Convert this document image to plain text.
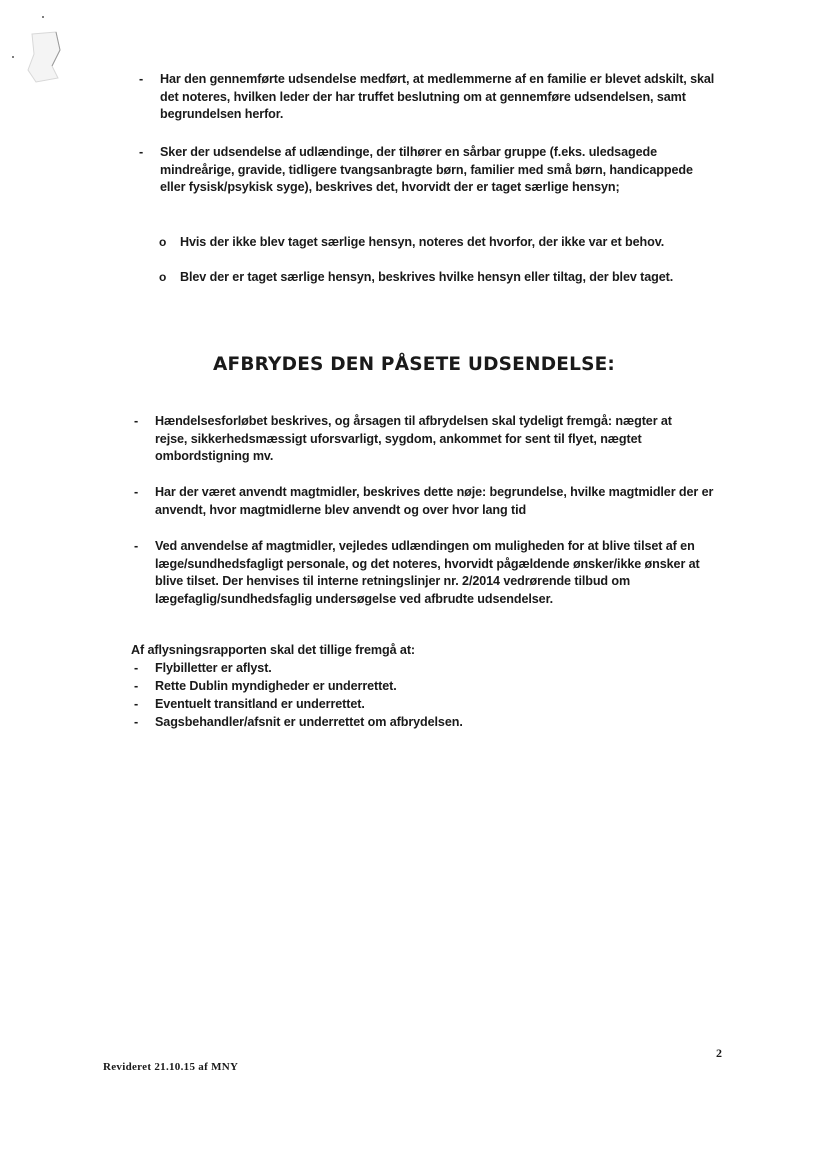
- Har den gennemførte udsendelse medført, at medlemmerne af en familie er blevet adskilt, skal det noteres, hvilken leder der har truffet beslutning om at gennemføre udsendelsen, samt begrundelsen herfor.
- Sker der udsendelse af udlændinge, der tilhører en sårbar gruppe (f.eks. uledsagede mindreårige, gravide, tidligere tvangsanbragte børn, familier med små børn, handicappede eller fysisk/psykisk syge), beskrives det, hvorvidt der er taget særlige hensyn;
o Hvis der ikke blev taget særlige hensyn, noteres det hvorfor, der ikke var et behov.
o Blev der er taget særlige hensyn, beskrives hvilke hensyn eller tiltag, der blev taget.
AFBRYDES DEN PÅSETE UDSENDELSE:
- Hændelsesforløbet beskrives, og årsagen til afbrydelsen skal tydeligt fremgå: nægter at rejse, sikkerhedsmæssigt uforsvarligt, sygdom, ankommet for sent til flyet, nægtet ombordstigning mv.
- Har der været anvendt magtmidler, beskrives dette nøje: begrundelse, hvilke magtmidler der er anvendt, hvor magtmidlerne blev anvendt og over hvor lang tid
- Ved anvendelse af magtmidler, vejledes udlændingen om muligheden for at blive tilset af en læge/sundhedsfagligt personale, og det noteres, hvorvidt pågældende ønsker/ikke ønsker at blive tilset. Der henvises til interne retningslinjer nr. 2/2014 vedrørende tilbud om lægefaglig/sundhedsfaglig undersøgelse ved afbrudte udsendelser.
Af aflysningsrapporten skal det tillige fremgå at:
- Flybilletter er aflyst.
- Rette Dublin myndigheder er underrettet.
- Eventuelt transitland er underrettet.
- Sagsbehandler/afsnit er underrettet om afbrydelsen.
2
Revideret 21.10.15 af MNY
